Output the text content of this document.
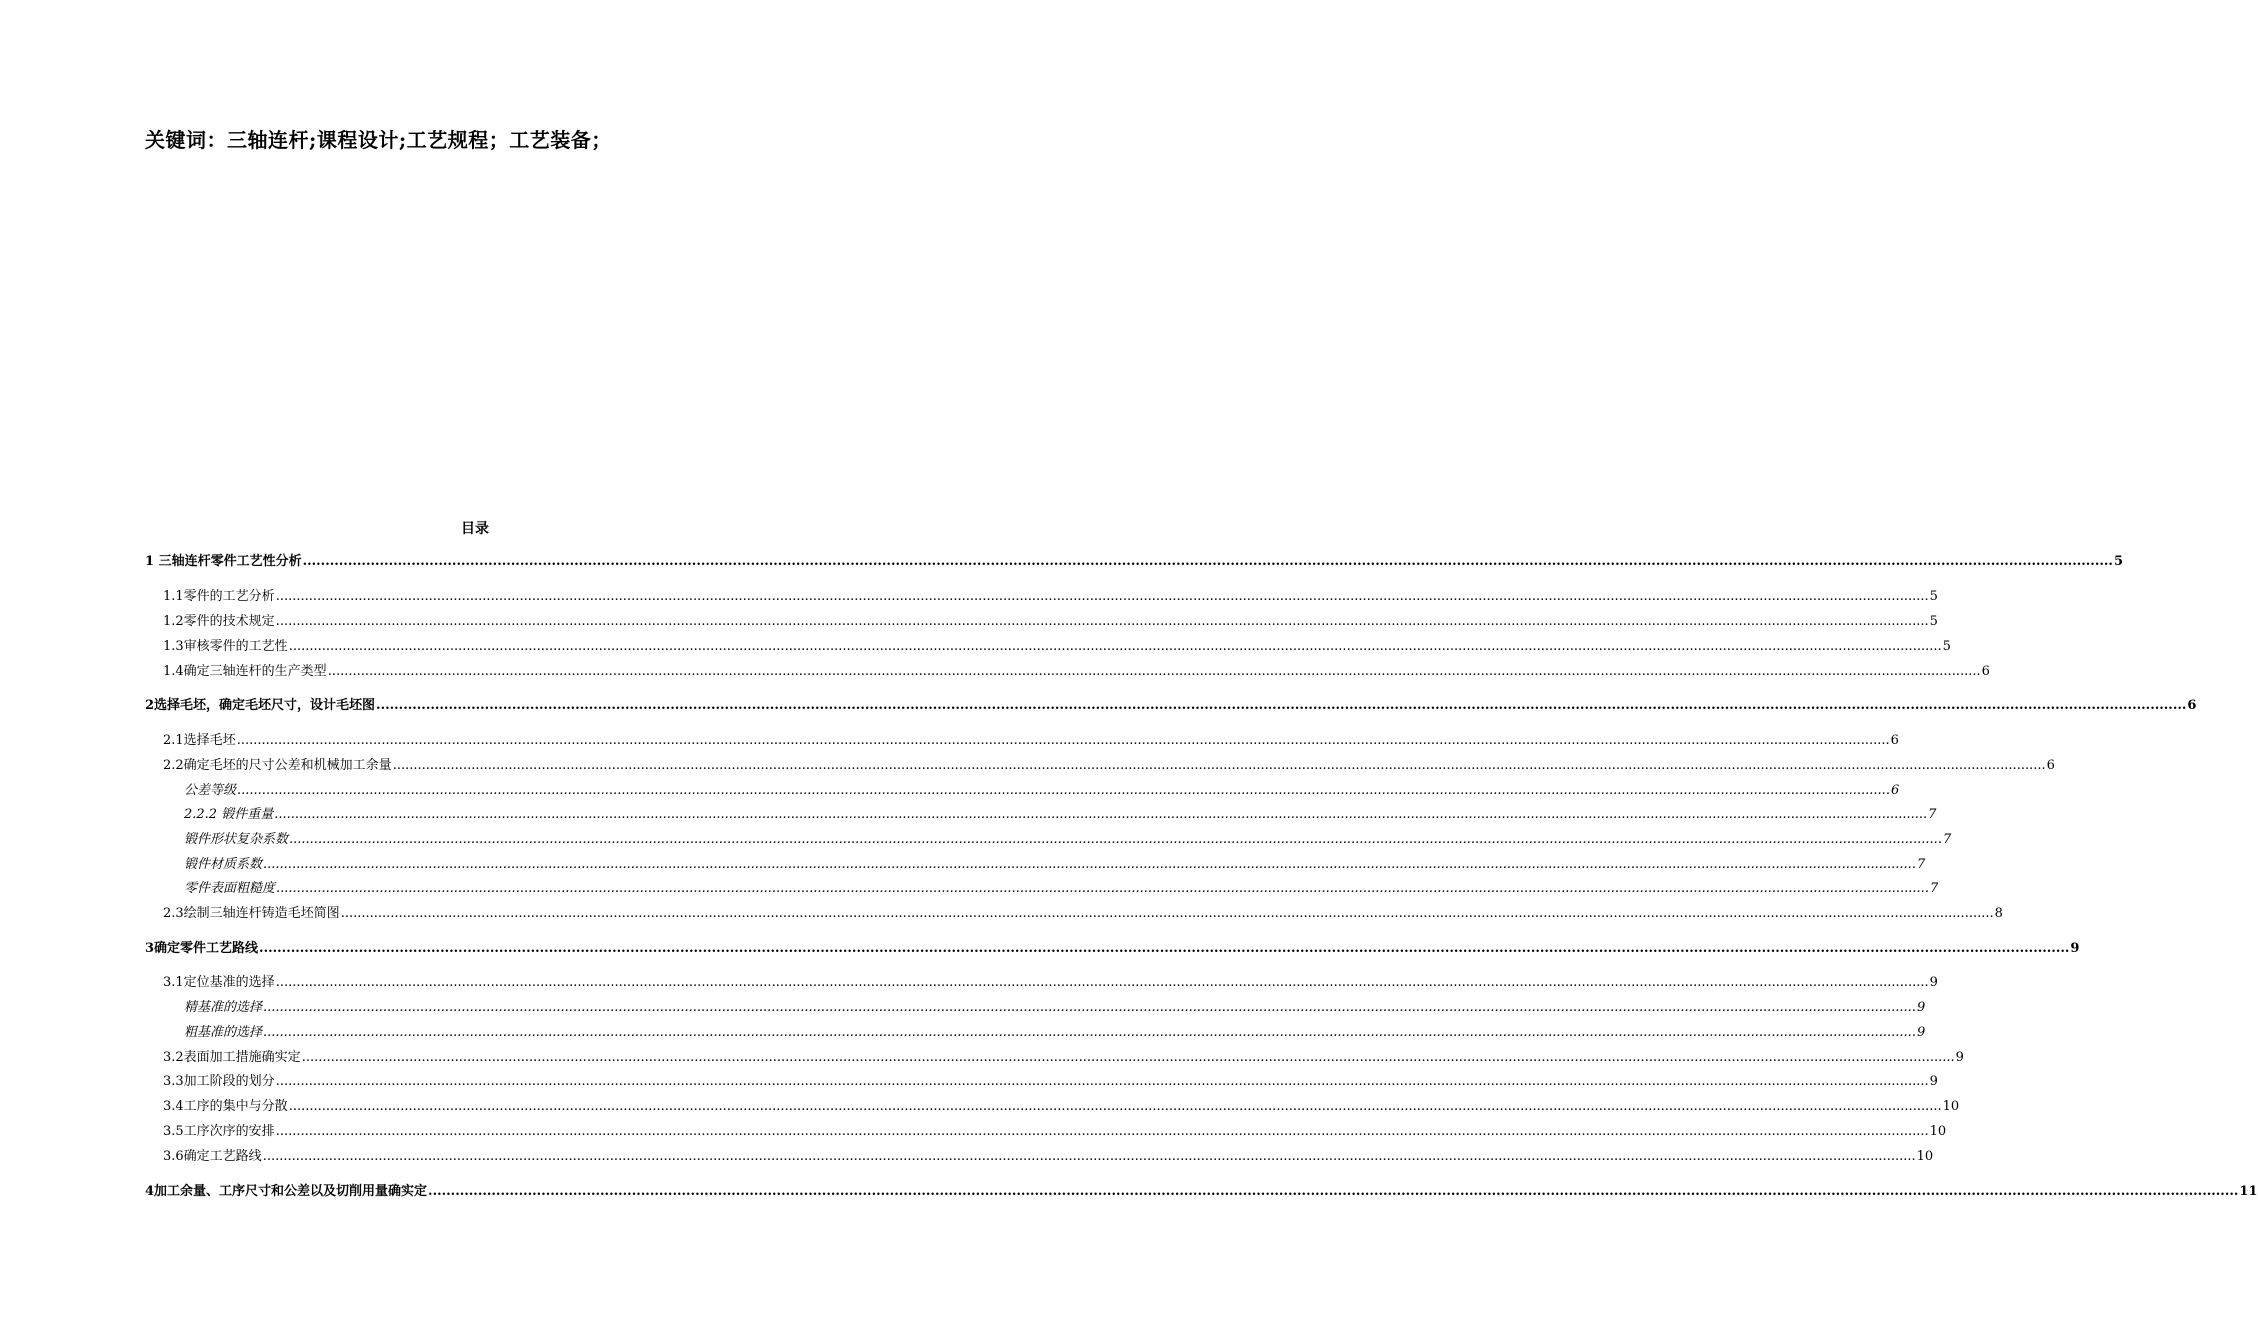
关键词：三轴连杆;课程设计;工艺规程；工艺装备；
目录
1 三轴连杆零件工艺性分析 ................................................................................................................................................................................................................................................................................................................................................................................................................ 5
1.1零件的工艺分析 ................................................................................................................................................................................................................................................................................................................................................................................................................ 5
1.2零件的技术规定 ................................................................................................................................................................................................................................................................................................................................................................................................................ 5
1.3审核零件的工艺性 ................................................................................................................................................................................................................................................................................................................................................................................................................ 5
1.4确定三轴连杆的生产类型 ................................................................................................................................................................................................................................................................................................................................................................................................................ 6
2选择毛坯，确定毛坯尺寸，设计毛坯图 ................................................................................................................................................................................................................................................................................................................................................................................................................ 6
2.1选择毛坯 ................................................................................................................................................................................................................................................................................................................................................................................................................ 6
2.2确定毛坯的尺寸公差和机械加工余量 ................................................................................................................................................................................................................................................................................................................................................................................................................ 6
公差等级 ................................................................................................................................................................................................................................................................................................................................................................................................................ 6
2.2.2 锻件重量 ................................................................................................................................................................................................................................................................................................................................................................................................................ 7
锻件形状复杂系数 ................................................................................................................................................................................................................................................................................................................................................................................................................ 7
锻件材质系数 ................................................................................................................................................................................................................................................................................................................................................................................................................ 7
零件表面粗糙度 ................................................................................................................................................................................................................................................................................................................................................................................................................ 7
2.3绘制三轴连杆铸造毛坯简图 ................................................................................................................................................................................................................................................................................................................................................................................................................ 8
3确定零件工艺路线 ................................................................................................................................................................................................................................................................................................................................................................................................................ 9
3.1定位基准的选择 ................................................................................................................................................................................................................................................................................................................................................................................................................ 9
精基准的选择 ................................................................................................................................................................................................................................................................................................................................................................................................................ 9
粗基准的选择 ................................................................................................................................................................................................................................................................................................................................................................................................................ 9
3.2表面加工措施确实定 ................................................................................................................................................................................................................................................................................................................................................................................................................ 9
3.3加工阶段的划分 ................................................................................................................................................................................................................................................................................................................................................................................................................ 9
3.4工序的集中与分散 ................................................................................................................................................................................................................................................................................................................................................................................................................ 10
3.5工序次序的安排 ................................................................................................................................................................................................................................................................................................................................................................................................................ 10
3.6确定工艺路线 ................................................................................................................................................................................................................................................................................................................................................................................................................ 10
4加工余量、工序尺寸和公差以及切削用量确实定 ................................................................................................................................................................................................................................................................................................................................................................................................................ 11
